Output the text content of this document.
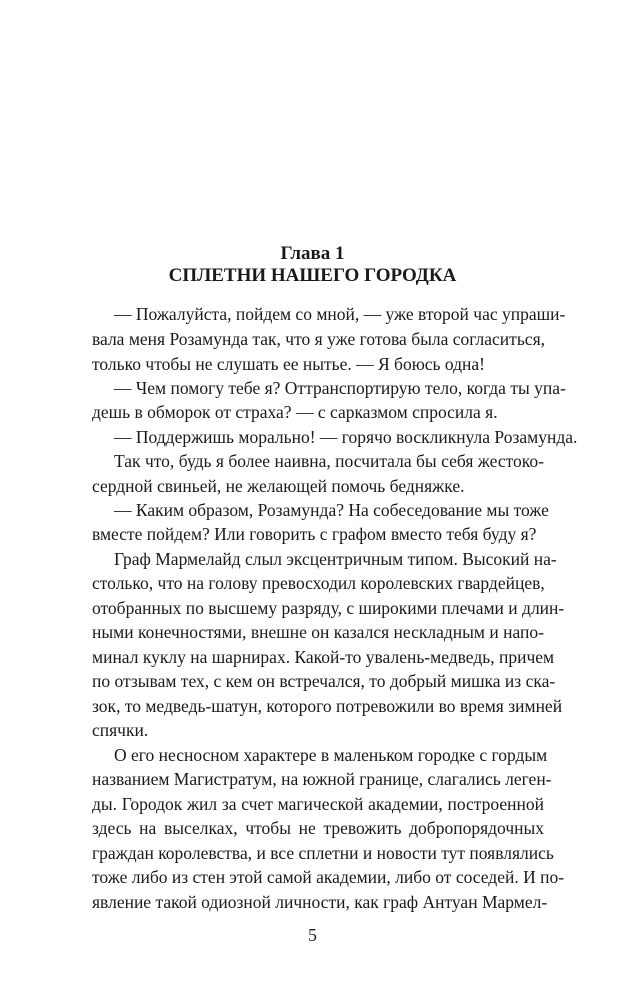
Глава 1
СПЛЕТНИ НАШЕГО ГОРОДКА
— Пожалуйста, пойдем со мной, — уже второй час упраши-
вала меня Розамунда так, что я уже готова была согласиться,
только чтобы не слушать ее нытье. — Я боюсь одна!
— Чем помогу тебе я? Оттранспортирую тело, когда ты упа-
дешь в обморок от страха? — с сарказмом спросила я.
— Поддержишь морально! — горячо воскликнула Розамунда.
Так что, будь я более наивна, посчитала бы себя жестоко-
сердной свиньей, не желающей помочь бедняжке.
— Каким образом, Розамунда? На собеседование мы тоже
вместе пойдем? Или говорить с графом вместо тебя буду я?
Граф Мармелайд слыл эксцентричным типом. Высокий на-
столько, что на голову превосходил королевских гвардейцев,
отобранных по высшему разряду, с широкими плечами и длин-
ными конечностями, внешне он казался нескладным и напо-
минал куклу на шарнирах. Какой-то увалень-медведь, причем
по отзывам тех, с кем он встречался, то добрый мишка из ска-
зок, то медведь-шатун, которого потревожили во время зимней
спячки.
О его несносном характере в маленьком городке с гордым
названием Магистратум, на южной границе, слагались леген-
ды. Городок жил за счет магической академии, построенной
здесь на выселках, чтобы не тревожить добропорядочных
граждан королевства, и все сплетни и новости тут появлялись
тоже либо из стен этой самой академии, либо от соседей. И по-
явление такой одиозной личности, как граф Антуан Мармел-
5
